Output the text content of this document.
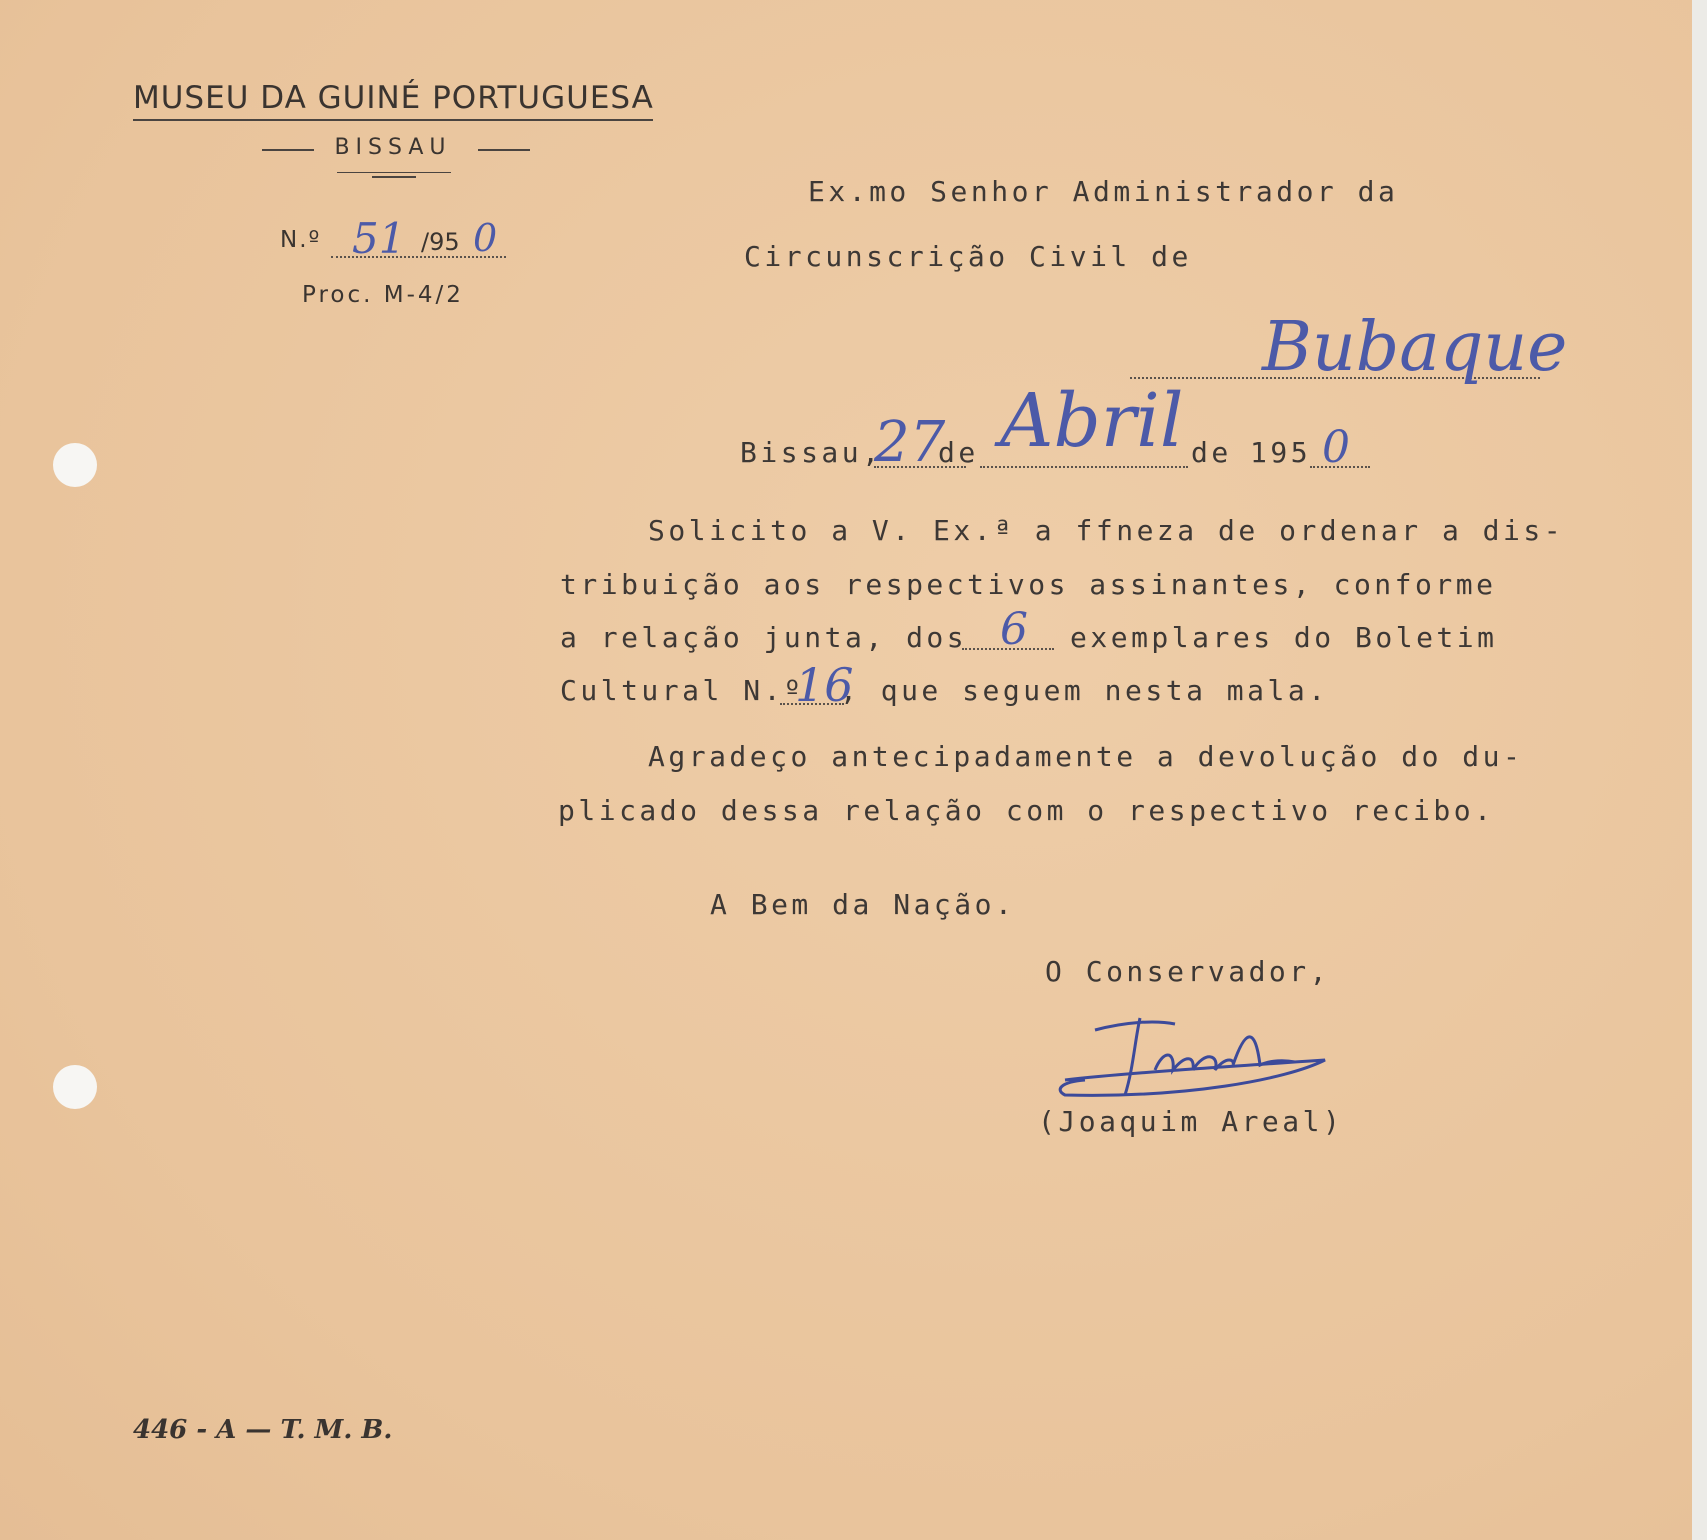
MUSEU DA GUINÉ PORTUGUESA
BISSAU
N.º 51 /95 0
Proc. M-4/2
Ex.mo Senhor Administrador da
Circunscrição Civil de
Bubaque
Bissau,
27
de Abril de 195 0
Solicito a V. Ex.ª a ffneza de ordenar a dis-
tribuição aos respectivos assinantes, conforme
a relação junta, dos 6 exemplares do Boletim
Cultural N.º
16
, que seguem nesta mala.
Agradeço antecipadamente a devolução do du-
plicado dessa relação com o respectivo recibo.
A Bem da Nação.
O Conservador,
(Joaquim Areal)
446 - A — T. M. B.
